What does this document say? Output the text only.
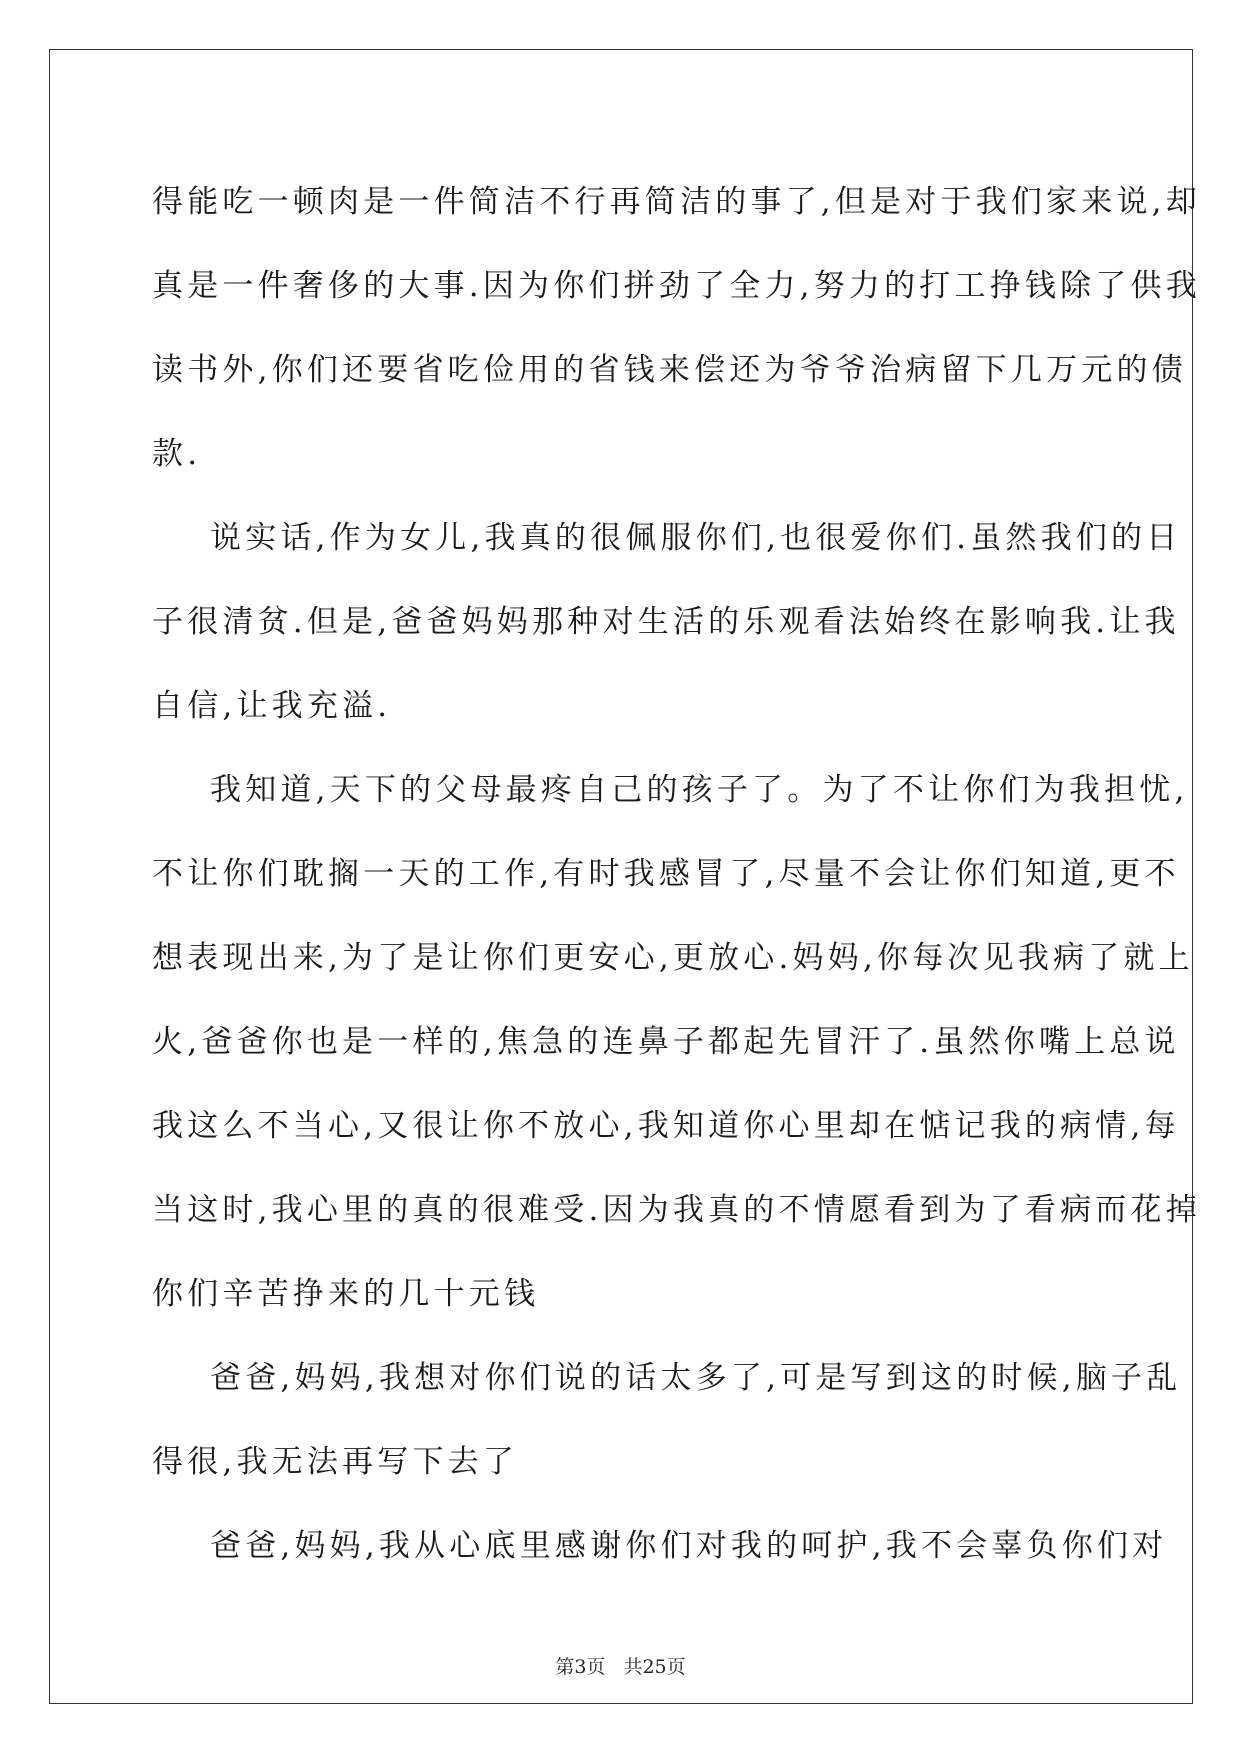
得能吃一顿肉是一件简洁不行再简洁的事了,但是对于我们家来说,却
真是一件奢侈的大事.因为你们拼劲了全力,努力的打工挣钱除了供我
读书外,你们还要省吃俭用的省钱来偿还为爷爷治病留下几万元的债
款.
说实话,作为女儿,我真的很佩服你们,也很爱你们.虽然我们的日
子很清贫.但是,爸爸妈妈那种对生活的乐观看法始终在影响我.让我
自信,让我充溢.
我知道,天下的父母最疼自己的孩子了。为了不让你们为我担忧,
不让你们耽搁一天的工作,有时我感冒了,尽量不会让你们知道,更不
想表现出来,为了是让你们更安心,更放心.妈妈,你每次见我病了就上
火,爸爸你也是一样的,焦急的连鼻子都起先冒汗了.虽然你嘴上总说
我这么不当心,又很让你不放心,我知道你心里却在惦记我的病情,每
当这时,我心里的真的很难受.因为我真的不情愿看到为了看病而花掉
你们辛苦挣来的几十元钱
爸爸,妈妈,我想对你们说的话太多了,可是写到这的时候,脑子乱
得很,我无法再写下去了
爸爸,妈妈,我从心底里感谢你们对我的呵护,我不会辜负你们对
第3页 共25页
